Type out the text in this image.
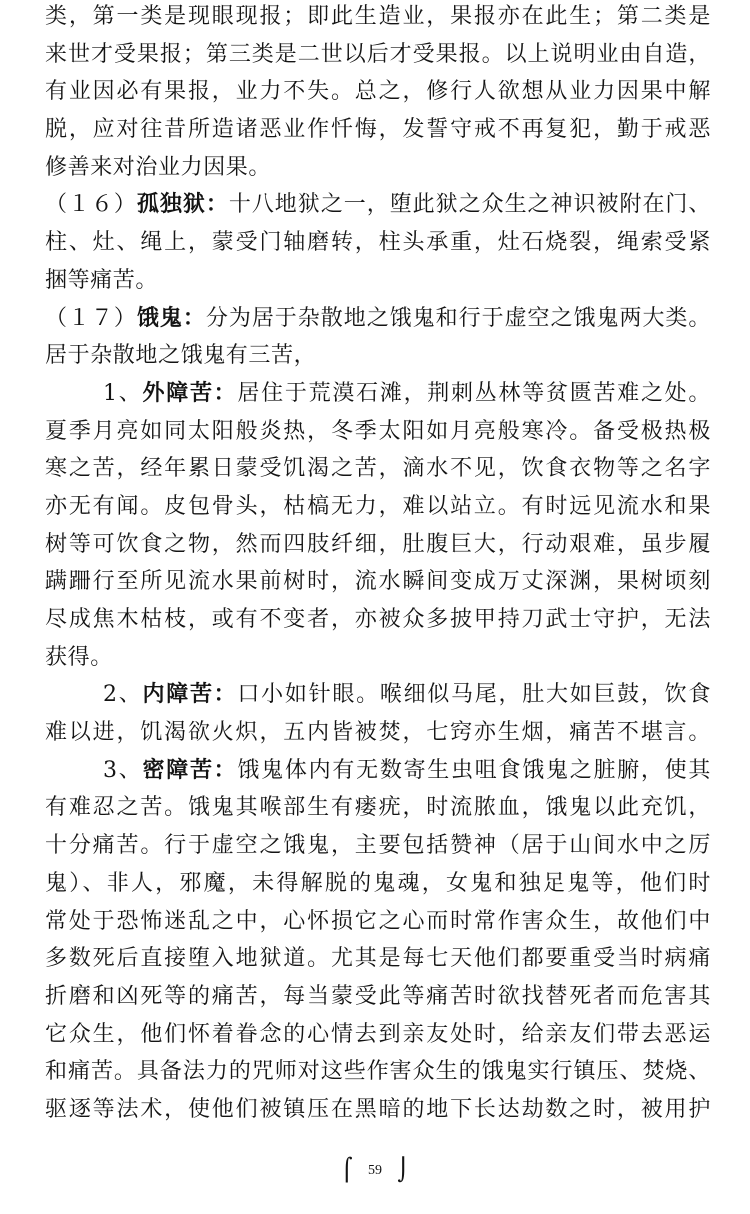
类，第一类是现眼现报；即此生造业，果报亦在此生；第二类是
来世才受果报；第三类是二世以后才受果报。以上说明业由自造，
有业因必有果报，业力不失。总之，修行人欲想从业力因果中解
脱，应对往昔所造诸恶业作忏悔，发誓守戒不再复犯，勤于戒恶
修善来对治业力因果。
（１６）孤独狱：十八地狱之一，堕此狱之众生之神识被附在门、
柱、灶、绳上，蒙受门轴磨转，柱头承重，灶石烧裂，绳索受紧
捆等痛苦。
（１７）饿鬼：分为居于杂散地之饿鬼和行于虚空之饿鬼两大类。
居于杂散地之饿鬼有三苦，
1、外障苦：居住于荒漠石滩，荆刺丛林等贫匮苦难之处。
夏季月亮如同太阳般炎热，冬季太阳如月亮般寒冷。备受极热极
寒之苦，经年累日蒙受饥渴之苦，滴水不见，饮食衣物等之名字
亦无有闻。皮包骨头，枯槁无力，难以站立。有时远见流水和果
树等可饮食之物，然而四肢纤细，肚腹巨大，行动艰难，虽步履
蹒跚行至所见流水果前树时，流水瞬间变成万丈深渊，果树顷刻
尽成焦木枯枝，或有不变者，亦被众多披甲持刀武士守护，无法
获得。
2、内障苦：口小如针眼。喉细似马尾，肚大如巨鼓，饮食
难以进，饥渴欲火炽，五内皆被焚，七窍亦生烟，痛苦不堪言。
3、密障苦：饿鬼体内有无数寄生虫咀食饿鬼之脏腑，使其
有难忍之苦。饿鬼其喉部生有瘘疣，时流脓血，饿鬼以此充饥，
十分痛苦。行于虚空之饿鬼，主要包括赞神（居于山间水中之厉
鬼）、非人，邪魔，未得解脱的鬼魂，女鬼和独足鬼等，他们时
常处于恐怖迷乱之中，心怀损它之心而时常作害众生，故他们中
多数死后直接堕入地狱道。尤其是每七天他们都要重受当时病痛
折磨和凶死等的痛苦，每当蒙受此等痛苦时欲找替死者而危害其
它众生，他们怀着眷念的心情去到亲友处时，给亲友们带去恶运
和痛苦。具备法力的咒师对这些作害众生的饿鬼实行镇压、焚烧、
驱逐等法术，使他们被镇压在黑暗的地下长达劫数之时，被用护
⌠ 59 ⌡
